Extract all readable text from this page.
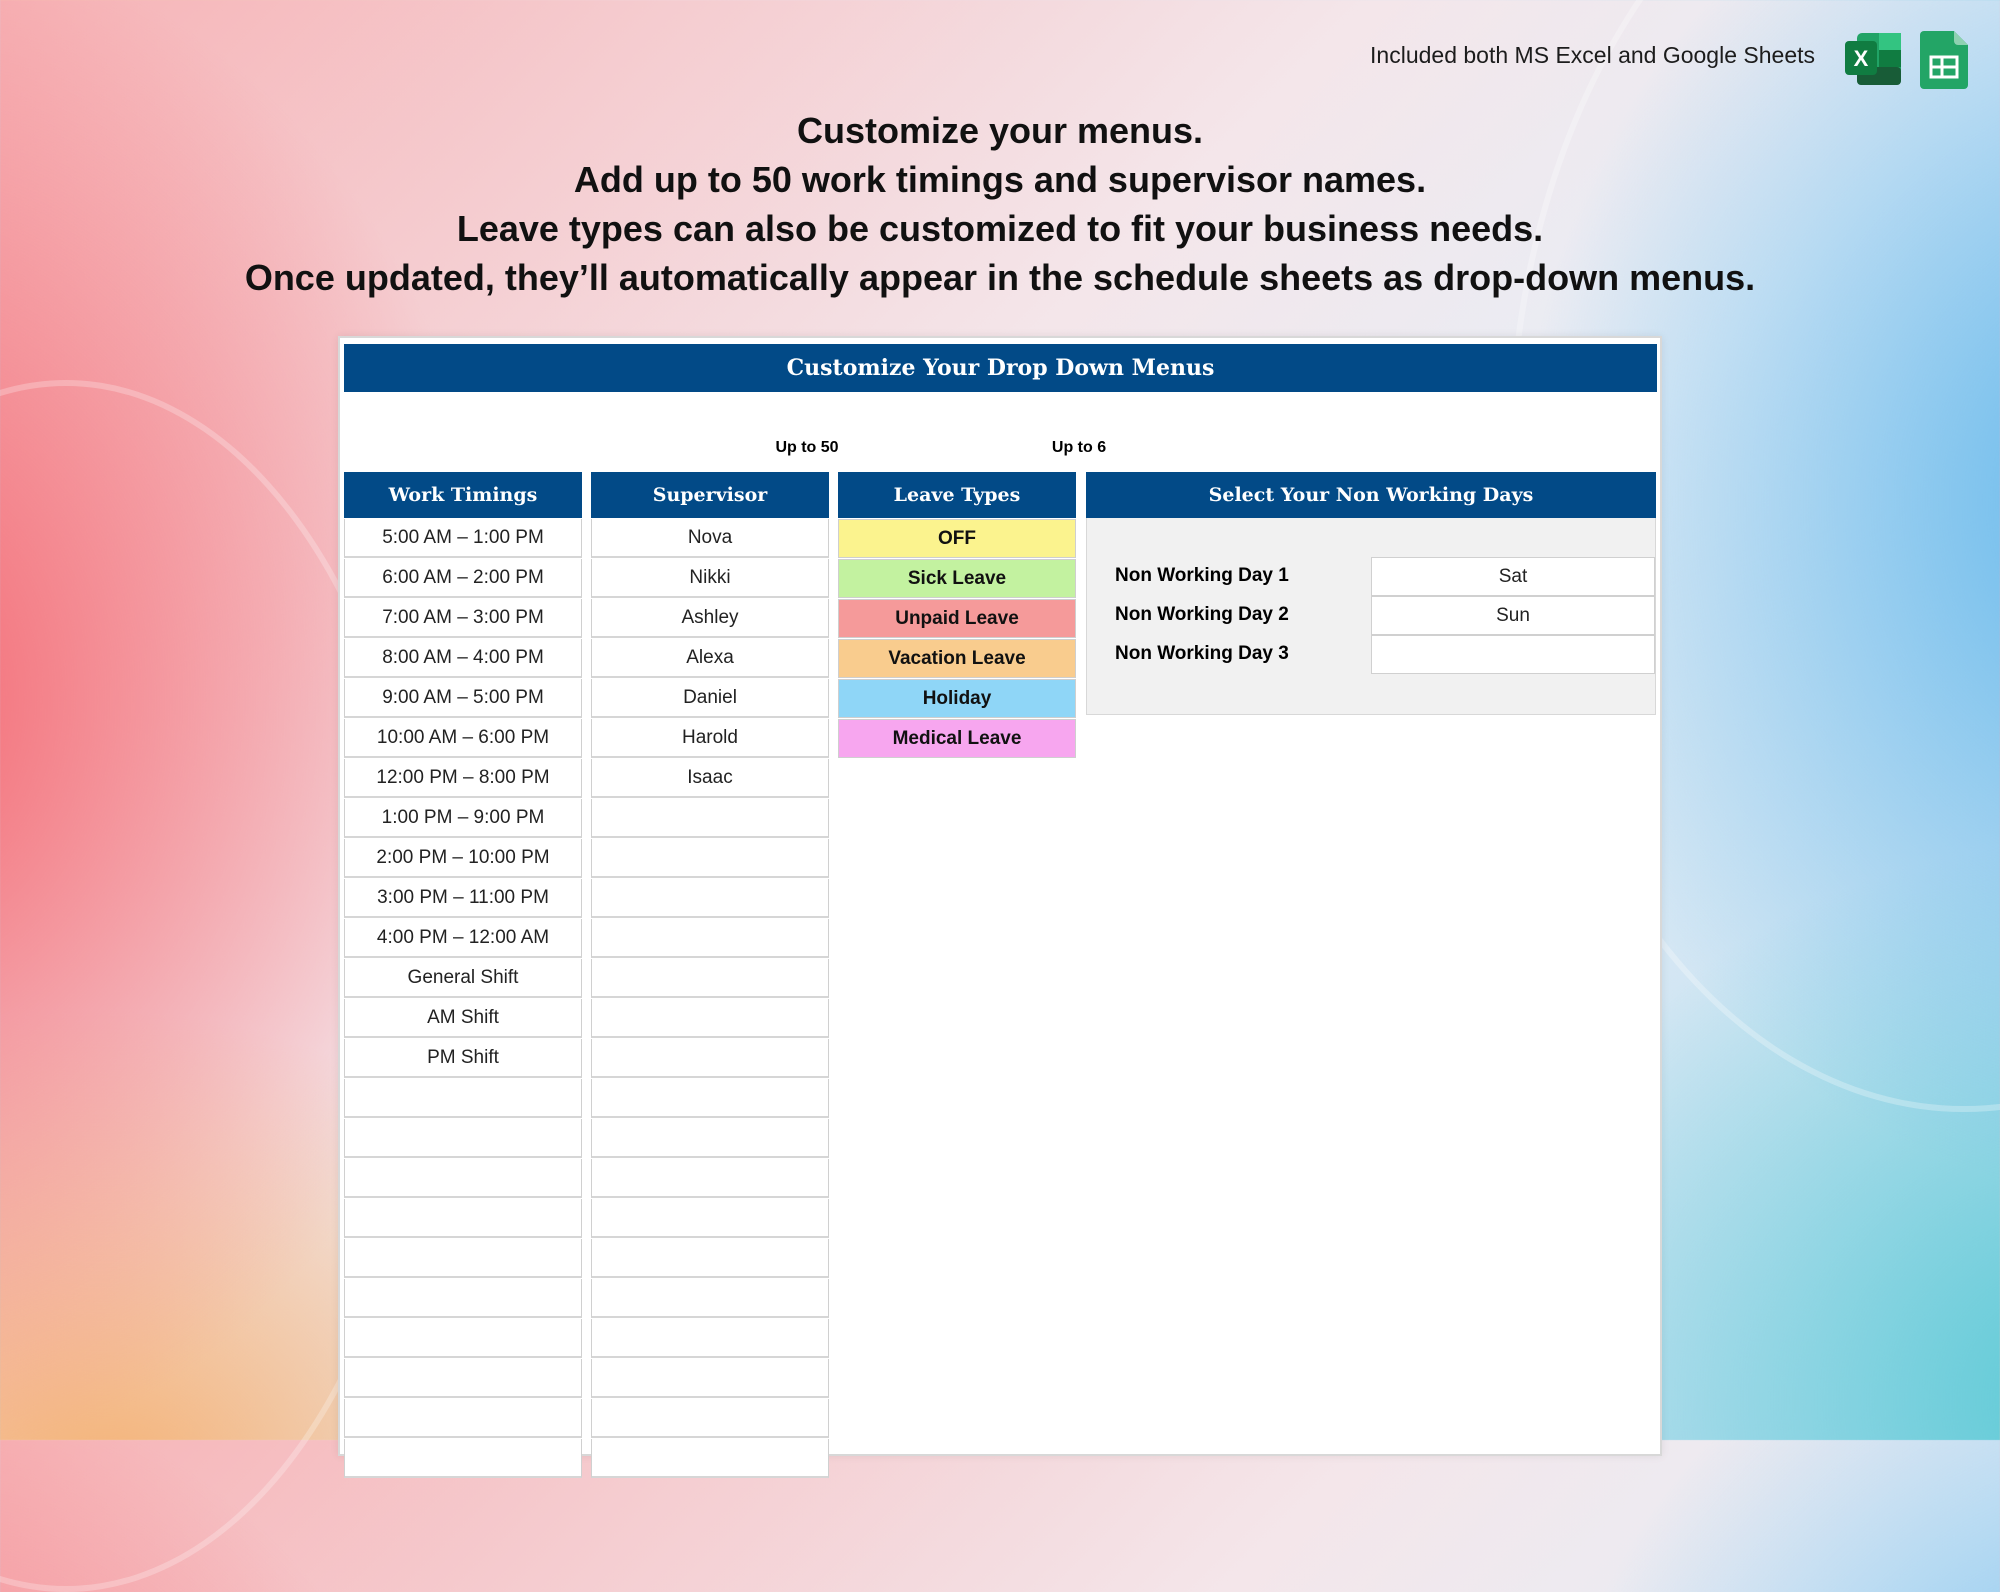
Included both MS Excel and Google Sheets X
Customize your menus.
Add up to 50 work timings and supervisor names.
Leave types can also be customized to fit your business needs.
Once updated, they’ll automatically appear in the schedule sheets as drop-down menus.
Customize Your Drop Down Menus
Up to 50	Up to 6
Work Timings
5:00 AM – 1:00 PM
6:00 AM – 2:00 PM
7:00 AM – 3:00 PM
8:00 AM – 4:00 PM
9:00 AM – 5:00 PM
10:00 AM – 6:00 PM
12:00 PM – 8:00 PM
1:00 PM – 9:00 PM
2:00 PM – 10:00 PM
3:00 PM – 11:00 PM
4:00 PM – 12:00 AM
General Shift
AM Shift
PM Shift
Supervisor
Nova
Nikki
Ashley
Alexa
Daniel
Harold
Isaac
Leave Types
OFF
Sick Leave
Unpaid Leave
Vacation Leave
Holiday
Medical Leave
Select Your Non Working Days
Non Working Day 1	Sat
Non Working Day 2	Sun
Non Working Day 3
